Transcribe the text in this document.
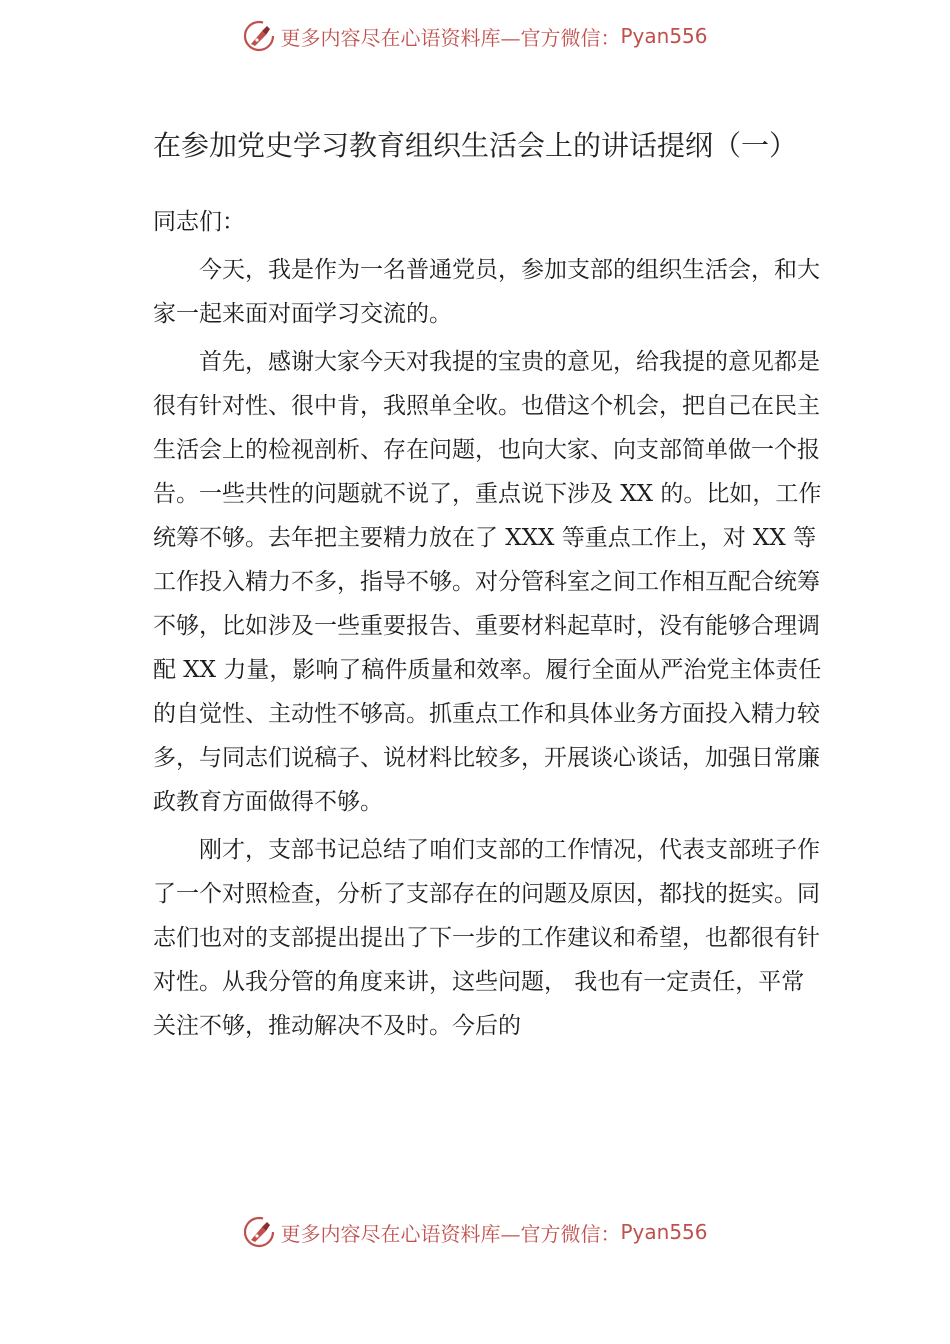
更多内容尽在心语资料库—官方微信： Pyan556
在参加党史学习教育组织生活会上的讲话提纲（一）

同志们：

今天，我是作为一名普通党员，参加支部的组织生活会，和大家一起来面对面学习交流的。

首先，感谢大家今天对我提的宝贵的意见，给我提的意见都是很有针对性、很中肯，我照单全收。也借这个机会，把自己在民主生活会上的检视剖析、存在问题，也向大家、向支部简单做一个报告。一些共性的问题就不说了，重点说下涉及 XX 的。比如，工作统筹不够。去年把主要精力放在了 XXX 等重点工作上，对 XX 等工作投入精力不多，指导不够。对分管科室之间工作相互配合统筹不够，比如涉及一些重要报告、重要材料起草时，没有能够合理调配 XX 力量，影响了稿件质量和效率。履行全面从严治党主体责任的自觉性、主动性不够高。抓重点工作和具体业务方面投入精力较多，与同志们说稿子、说材料比较多，开展谈心谈话，加强日常廉政教育方面做得不够。

刚才，支部书记总结了咱们支部的工作情况，代表支部班子作了一个对照检查，分析了支部存在的问题及原因，都找的挺实。同志们也对的支部提出提出了下一步的工作建议和希望，也都很有针对性。从我分管的角度来讲，这些问题， 我也有一定责任，平常关注不够，推动解决不及时。今后的

更多内容尽在心语资料库—官方微信： Pyan556
